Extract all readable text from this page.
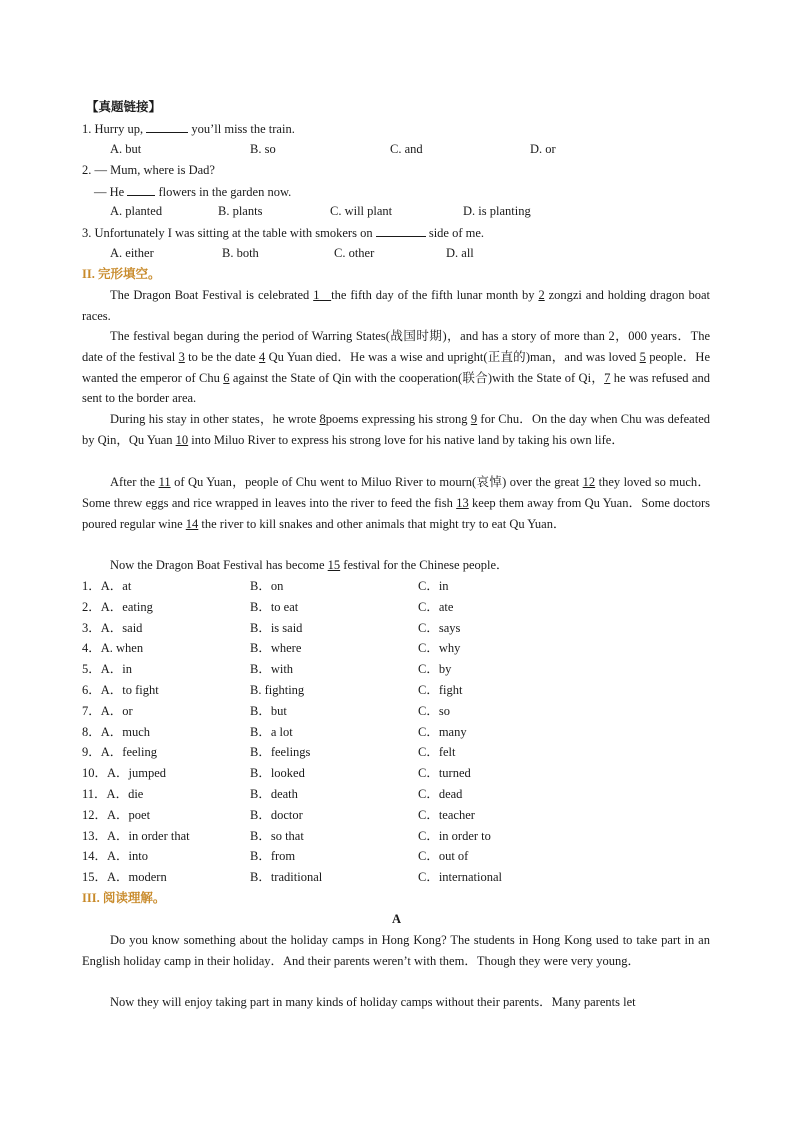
【真题链接】
1. Hurry up,	you’ll miss the train.
A. but	B. so	C. and	D. or
2. — Mum, where is Dad?
— He  flowers in the garden now.
A. planted	B. plants	C. will plant	D. is planting
3. Unfortunately I was sitting at the table with smokers on	side of me.
A. either	B. both	C. other	D. all
II. 完形填空。
The Dragon Boat Festival is celebrated 1 the fifth day of the fifth lunar month by 2 zongzi and holding dragon boat races.
The festival began during the period of Warring States(战国时期)，and has a story of more than 2，000 years．The date of the festival 3 to be the date 4 Qu Yuan died．He was a wise and upright(正直的)man，and was loved 5 people．He wanted the emperor of Chu 6 against the State of Qin with the cooperation(联合)with the State of Qi，7 he was refused and sent to the border area.
During his stay in other states，he wrote 8poems expressing his strong 9 for Chu．On the day when Chu was defeated by Qin，Qu Yuan 10 into Miluo River to express his strong love for his native land by taking his own life．
After the 11 of Qu Yuan，people of Chu went to Miluo River to mourn(哀悼) over the great 12 they loved so much．Some threw eggs and rice wrapped in leaves into the river to feed the fish 13 keep them away from Qu Yuan．Some doctors poured regular wine 14 the river to kill snakes and other animals that might try to eat Qu Yuan．
Now the Dragon Boat Festival has become 15 festival for the Chinese people．
1．A．at	B．on	C．in
2．A．eating	B．to eat	C．ate
3．A．said	B．is said	C．says
4．A. when	B．where	C．why
5．A．in	B．with	C．by
6．A．to fight	B. fighting	C．fight
7．A．or	B．but	C．so
8．A．much	B．a lot	C．many
9．A．feeling	B．feelings	C．felt
10．A．jumped	B．looked	C．turned
11．A．die	B．death	C．dead
12．A．poet	B．doctor	C．teacher
13．A．in order that	B．so that	C．in order to
14．A．into	B．from	C．out of
15．A．modern	B．traditional	C．international
III. 阅读理解。
A
Do you know something about the holiday camps in Hong Kong? The students in Hong Kong used to take part in an English holiday camp in their holiday．And their parents weren’t with them．Though they were very young．
Now they will enjoy taking part in many kinds of holiday camps without their parents．Many parents let
